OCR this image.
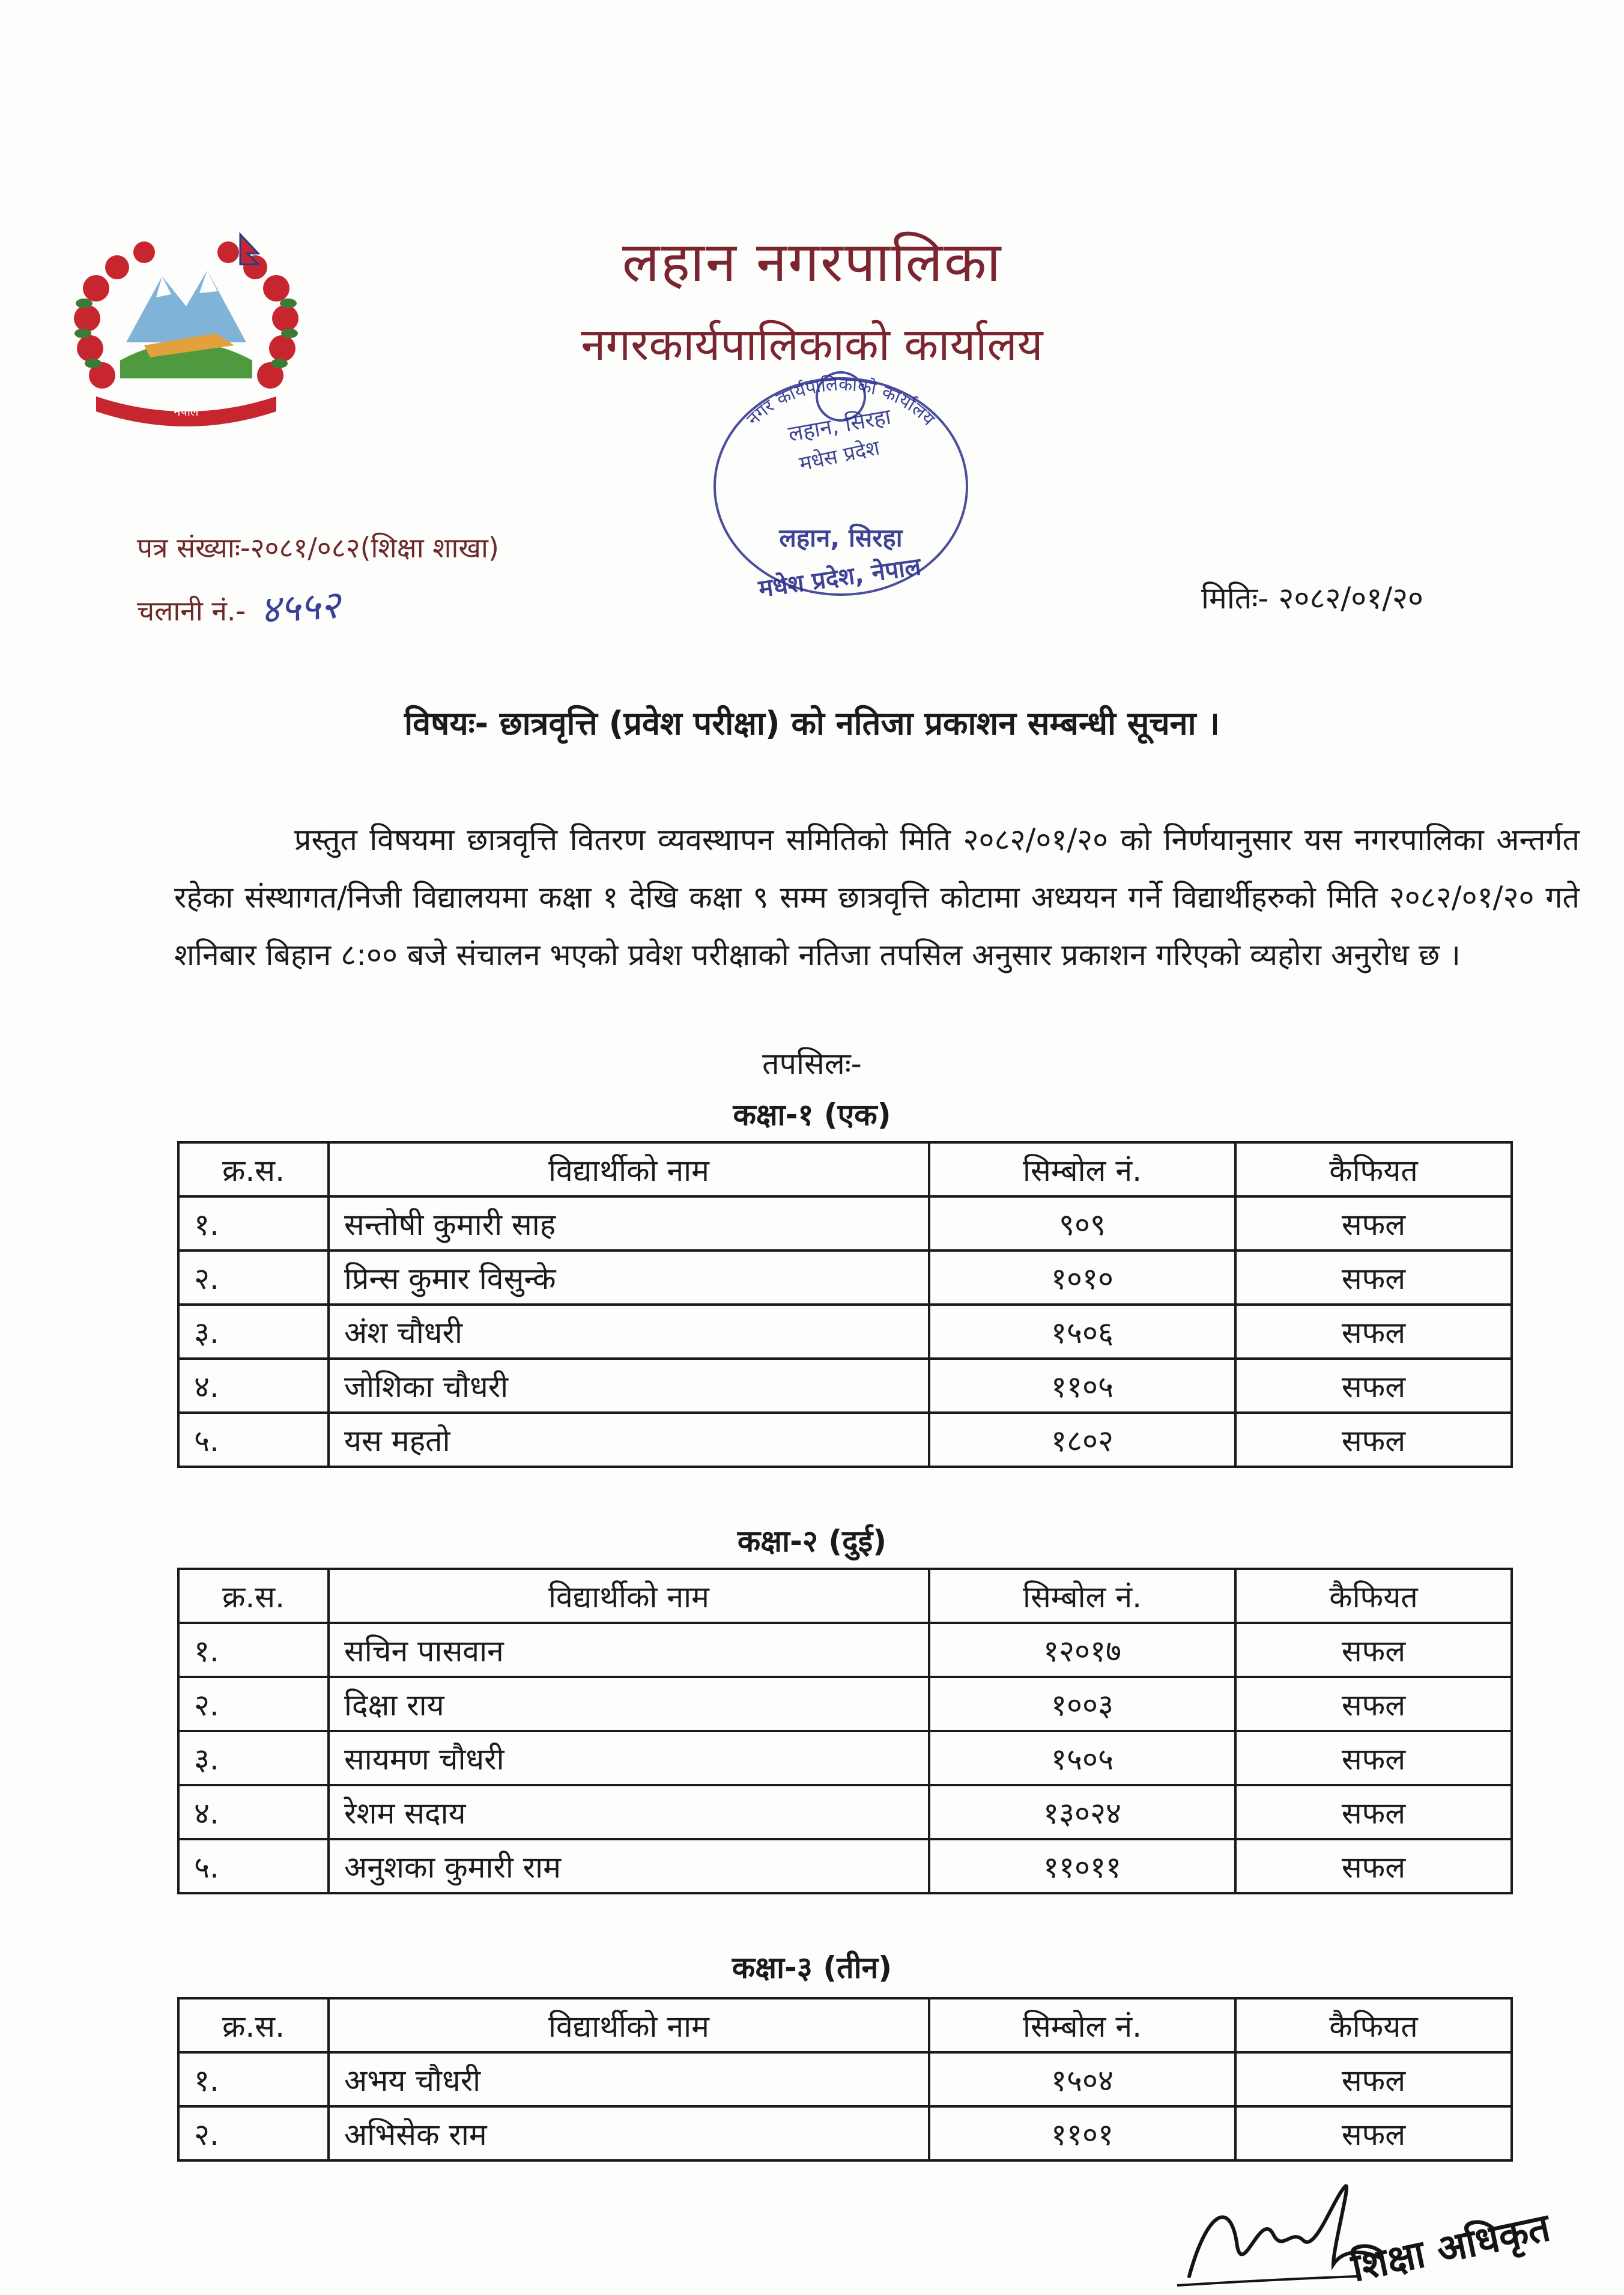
नेपाल
लहान नगरपालिका
नगरकार्यपालिकाको कार्यालय
लहान, सिरहा
मधेस प्रदेश
नगर कार्यपालिकाको कार्यालय
लहान, सिरहा
मधेश प्रदेश, नेपाल
पत्र संख्याः-२०८१/०८२(शिक्षा शाखा)
चलानी नं.- ४५५२	मितिः- २०८२/०१/२०
विषयः- छात्रवृत्ति (प्रवेश परीक्षा) को नतिजा प्रकाशन सम्बन्धी सूचना ।
प्रस्तुत विषयमा छात्रवृत्ति वितरण व्यवस्थापन समितिको मिति २०८२/०१/२० को निर्णयानुसार यस नगरपालिका अन्तर्गत रहेका संस्थागत/निजी विद्यालयमा कक्षा १ देखि कक्षा ९ सम्म छात्रवृत्ति कोटामा अध्ययन गर्ने विद्यार्थीहरुको मिति २०८२/०१/२० गते शनिबार बिहान ८:०० बजे संचालन भएको प्रवेश परीक्षाको नतिजा तपसिल अनुसार प्रकाशन गरिएको व्यहोरा अनुरोध छ ।
तपसिलः-
कक्षा-१ (एक)
क्र.स.	विद्यार्थीको नाम	सिम्बोल नं.	कैफियत
१.	सन्तोषी कुमारी साह	९०९	सफल
२.	प्रिन्स कुमार विसुन्के	१०१०	सफल
३.	अंश चौधरी	१५०६	सफल
४.	जोशिका चौधरी	११०५	सफल
५.	यस महतो	१८०२	सफल
कक्षा-२ (दुई)
क्र.स.	विद्यार्थीको नाम	सिम्बोल नं.	कैफियत
१.	सचिन पासवान	१२०१७	सफल
२.	दिक्षा राय	१००३	सफल
३.	सायमण चौधरी	१५०५	सफल
४.	रेशम सदाय	१३०२४	सफल
५.	अनुशका कुमारी राम	११०११	सफल
कक्षा-३ (तीन)
क्र.स.	विद्यार्थीको नाम	सिम्बोल नं.	कैफियत
१.	अभय चौधरी	१५०४	सफल
२.	अभिसेक राम	११०१	सफल
शिक्षा अधिकृत
